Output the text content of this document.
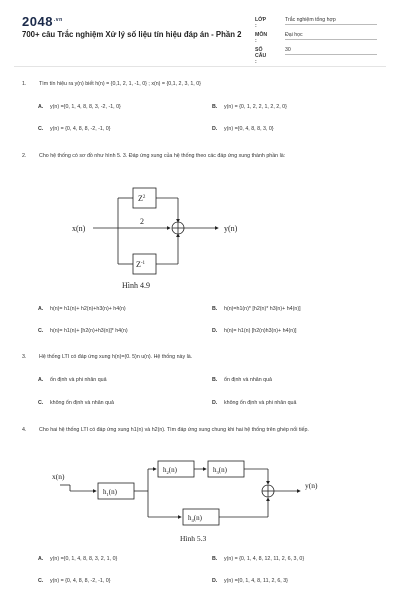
$2048^{.vn}$
700+ câu Trắc nghiệm Xử lý số liệu tín hiệu đáp án - Phần 2
LỚP :
Trắc nghiệm tổng hợp
MÔN :
Đại học
SỐ CÂU :
30
1. Tìm tín hiệu ra y(n) biết h(n) = {0,1, 2, 1, -1, 0} ; x(n) = {0,1, 2, 3, 1, 0}
A. y(n) ={0, 1, 4, 8, 8, 3, -2, -1, 0}	B. y(n) = {0, 1, 2, 2, 1, 2, 2, 0}
C. y(n) = {0, 4, 8, 8, -2, -1, 0}	D. y(n) ={0, 4, 8, 8, 3, 0}
2. Cho hệ thống có sơ đồ như hình 5. 3. Đáp ứng xung của hệ thống theo các đáp ứng xung thành phần là:
x(n)	y(n)
$Z^2$
2
$Z^{-1}$
Hình 4.9
A. h(n)= h1(n)+ h2(n)+h3(n)+ h4(n)	B. h(n)=h1(n)* [h2(n)* h3(n)+ h4(n)]
C. h(n)= h1(n)+ [h2(n)+h3(n)]* h4(n)	D. h(n)= h1(n) [h2(n)h3(n)+ h4(n)]
3. Hệ thống LTI có đáp ứng xung h(n)=(0. 5)n u(n). Hệ thống này là.
A. ổn định và phi nhân quả	B. ổn định và nhân quả
C. không ổn định và nhân quả	D. không ổn định và phi nhân quả
4. Cho hai hệ thống LTI có đáp ứng xung h1(n) và h2(n). Tìm đáp ứng xung chung khi hai hệ thống trên ghép nối tiếp.
x(n)
y(n)
$h_1(n)$
$h_2(n)$	$h_3(n)$
$h_4(n)$
Hình 5.3
A. y(n) ={0, 1, 4, 8, 8, 3, 2, 1, 0}	B. y(n) = {0, 1, 4, 8, 12, 11, 2, 6, 3, 0}
C. y(n) = {0, 4, 8, 8, -2, -1, 0}	D. y(n) ={0, 1, 4, 8, 11, 2, 6, 3}
